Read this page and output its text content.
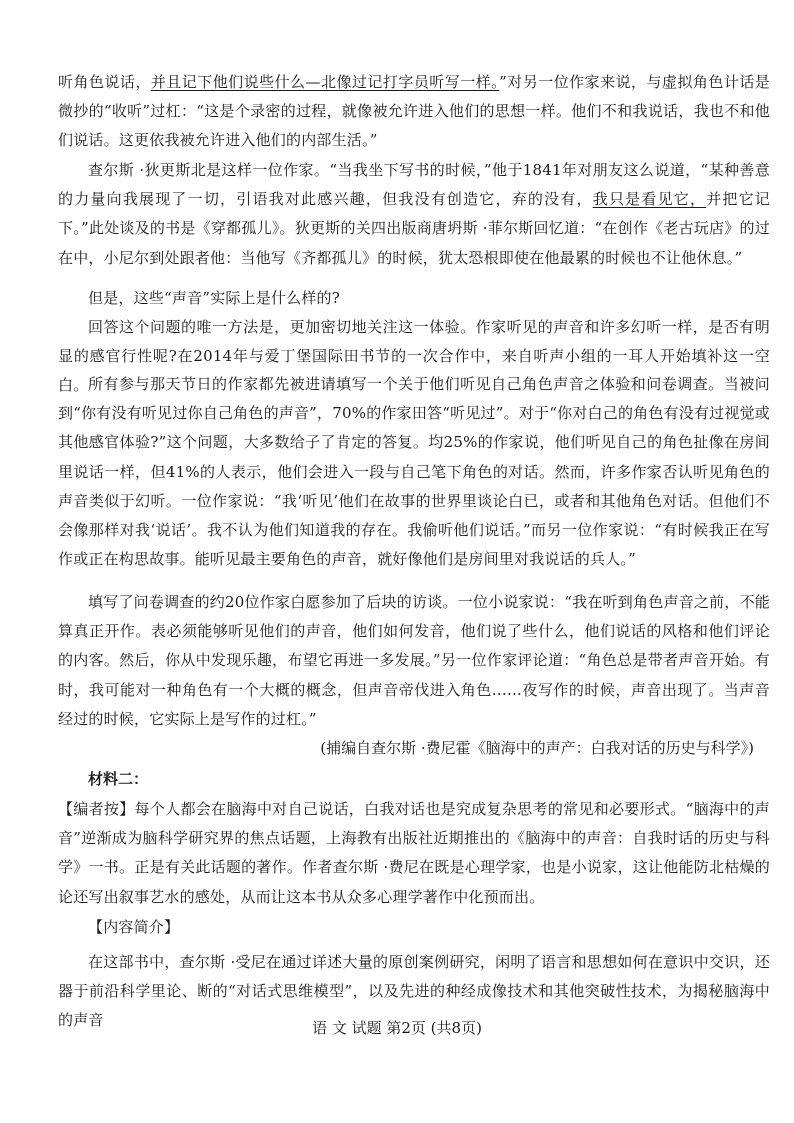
听角色说话，并且记下他们说些什么—北像过记打字员听写一样。”对另一位作家来说，与虚拟角色计话是微抄的“收听”过杠：“这是个录密的过程，就像被允许进入他们的思想一样。他们不和我说话，我也不和他们说话。这更依我被允许进入他们的内部生活。”

查尔斯 ·狄更斯北是这样一位作家。“当我坐下写书的时候，”他于1841年对朋友这么说道，“某种善意的力量向我展现了一切，引语我对此感兴趣，但我没有创造它，弃的没有，我只是看见它，并把它记下。”此处谈及的书是《穿都孤儿》。狄更斯的关四出版商唐坍斯 ·菲尔斯回忆道：“在创作《老古玩店》的过在中，小尼尔到处跟者他：当他写《齐都孤儿》的时候，犹太恐根即使在他最累的时候也不让他休息。”

但是，这些“声音”实际上是什么样的?

回答这个问题的唯一方法是，更加密切地关注这一体验。作家听见的声音和许多幻听一样，是否有明显的感官行性呢?在2014年与爱丁堡国际田书节的一次合作中，来自听声小组的一耳人开始填补这一空白。 所有参与那天节日的作家都先被进请填写一个关于他们听见自己角色声音之体验和问卷调查。当被问到“你有没有听见过你自己角色的声音”，70%的作家田答“听见过”。对于“你对白己的角色有没有过视觉或其他感官体验?”这个问题，大多数给子了肯定的答复。均25%的作家说，他们听见自己的角色扯像在房间里说话一样，但41%的人表示，他们会进入一段与自己笔下角色的对话。然而，许多作家否认听见角色的声音类似于幻听。一位作家说：“我‘听见’他们在故事的世界里谈论白已，或者和其他角色对话。但他们不会像那样对我‘说话’。我不认为他们知道我的存在。我偷听他们说话。”而另一位作家说：“有时候我正在写作或正在构思故事。能听见最主要角色的声音，就好像他们是房间里对我说话的兵人。”

填写了问卷调查的约20位作家白愿参加了后块的访谈。一位小说家说：“我在听到角色声音之前，不能算真正开作。表必须能够听见他们的声音，他们如何发音，他们说了些什么，他们说话的风格和他们评论的内客。然后，你从中发现乐趣，布望它再进一多发展。”另一位作家评论道：“角色总是带者声音开始。有时，我可能对一种角色有一个大概的概念，但声音帝伐进入角色……夜写作的时候，声音出现了。当声音经过的时候，它实际上是写作的过杠。”

(捕编自查尔斯 ·费尼霍《脑海中的声产：白我对话的历史与科学》)
材料二：

【编者按】每个人都会在脑海中对自己说话，白我对话也是究成复杂思考的常见和必要形式。“脑海中的声音”逆渐成为脑科学研究界的焦点话题，上海教有出版社近期推出的《脑海中的声音：自我时话的历史与科学》一书。正是有关此话题的著作。作者查尔斯 ·费尼在既是心理学家，也是小说家，这让他能防北枯燥的论还写出叙事艺水的感处，从而让这本书从众多心理学著作中化预而出。

【内容简介】

在这部书中，查尔斯 ·受尼在通过详述大量的原创案例研究，闲明了语言和思想如何在意识中交识，还器于前沿科学里论、断的“对话式思维模型”，以及先进的种经成像技术和其他突破性技术，为揭秘脑海中的声音	语 文 试题 第2页 (共8页)
